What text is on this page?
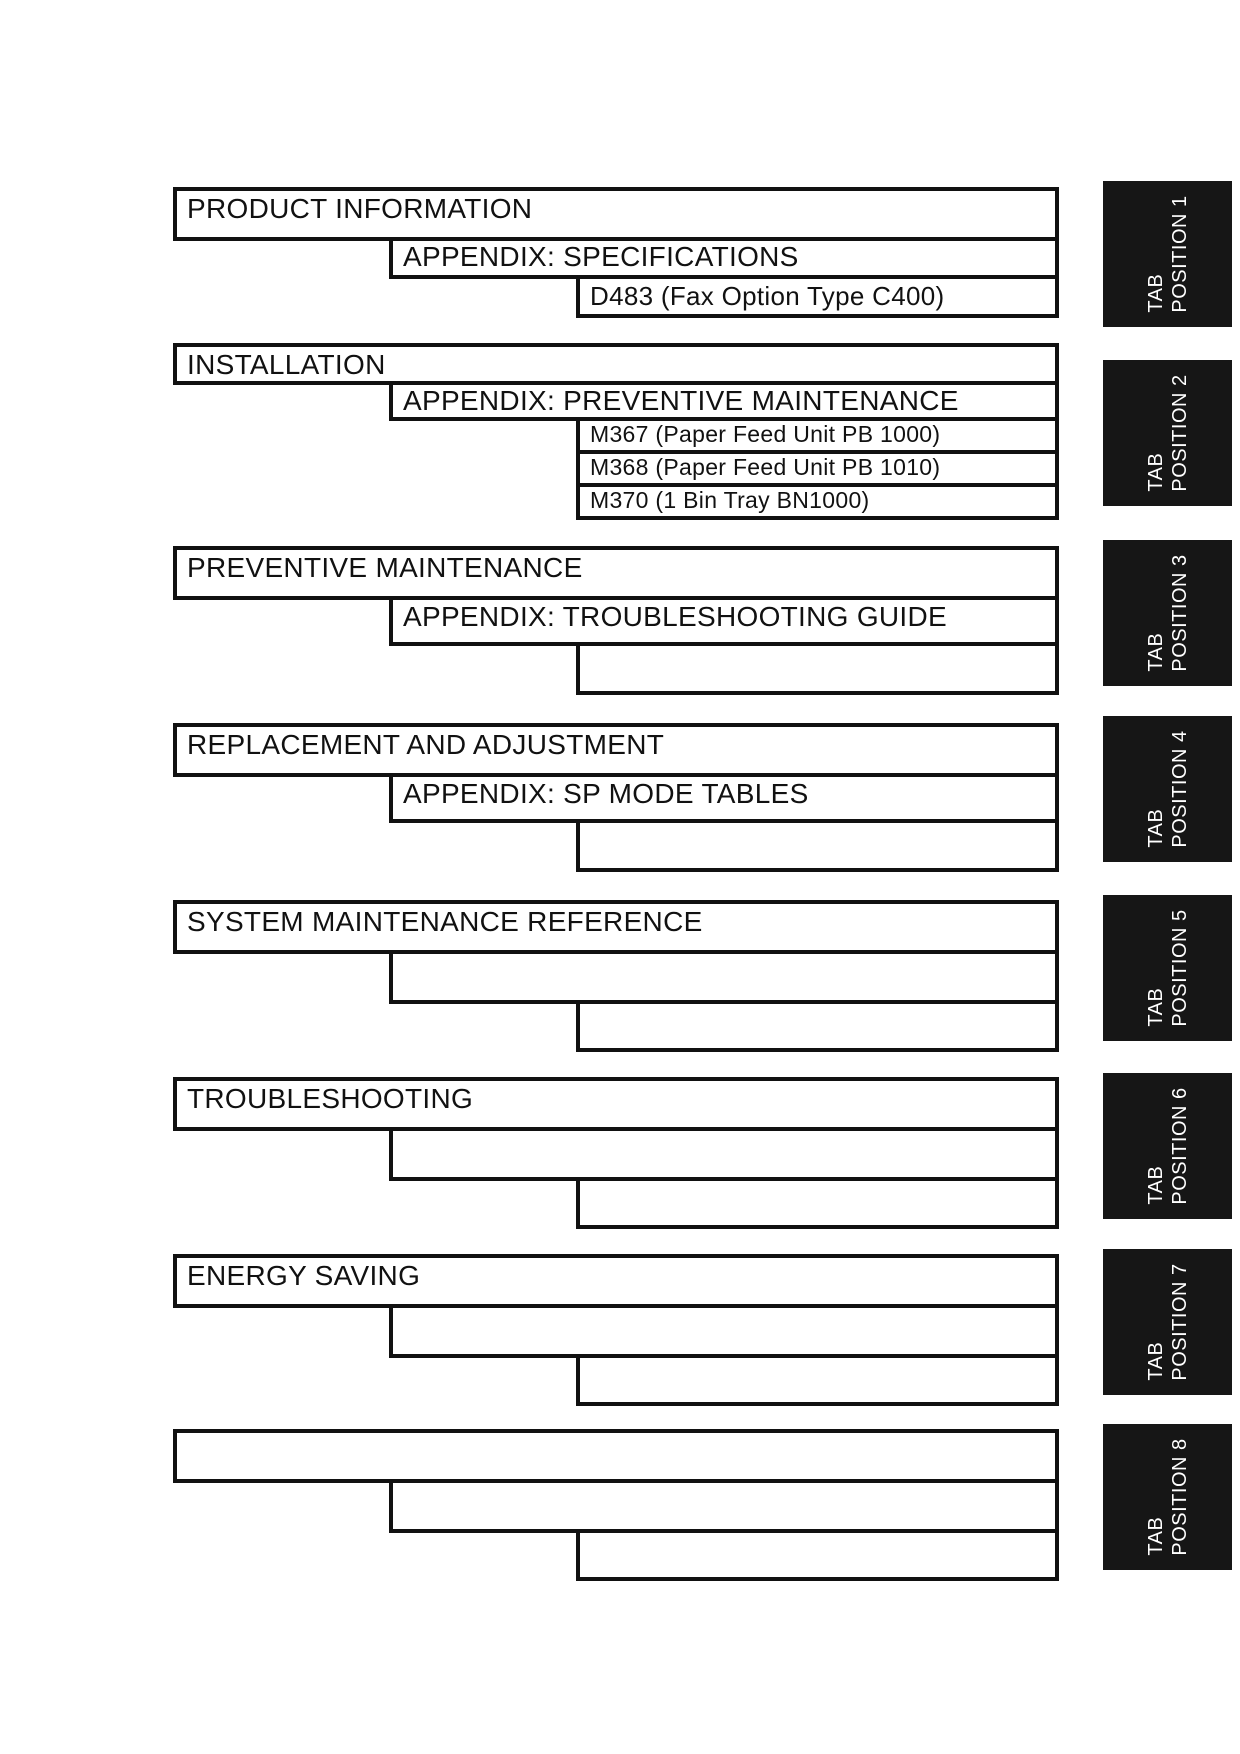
PRODUCT INFORMATION
APPENDIX: SPECIFICATIONS
D483 (Fax Option Type C400)
INSTALLATION
APPENDIX: PREVENTIVE MAINTENANCE
M367 (Paper Feed Unit PB 1000)
M368 (Paper Feed Unit PB 1010)
M370 (1 Bin Tray BN1000)
PREVENTIVE MAINTENANCE
APPENDIX: TROUBLESHOOTING GUIDE
REPLACEMENT AND ADJUSTMENT
APPENDIX: SP MODE TABLES
SYSTEM MAINTENANCE REFERENCE
TROUBLESHOOTING
ENERGY SAVING
TAB POSITION 1
TAB POSITION 2
TAB POSITION 3
TAB POSITION 4
TAB POSITION 5
TAB POSITION 6
TAB POSITION 7
TAB POSITION 8
